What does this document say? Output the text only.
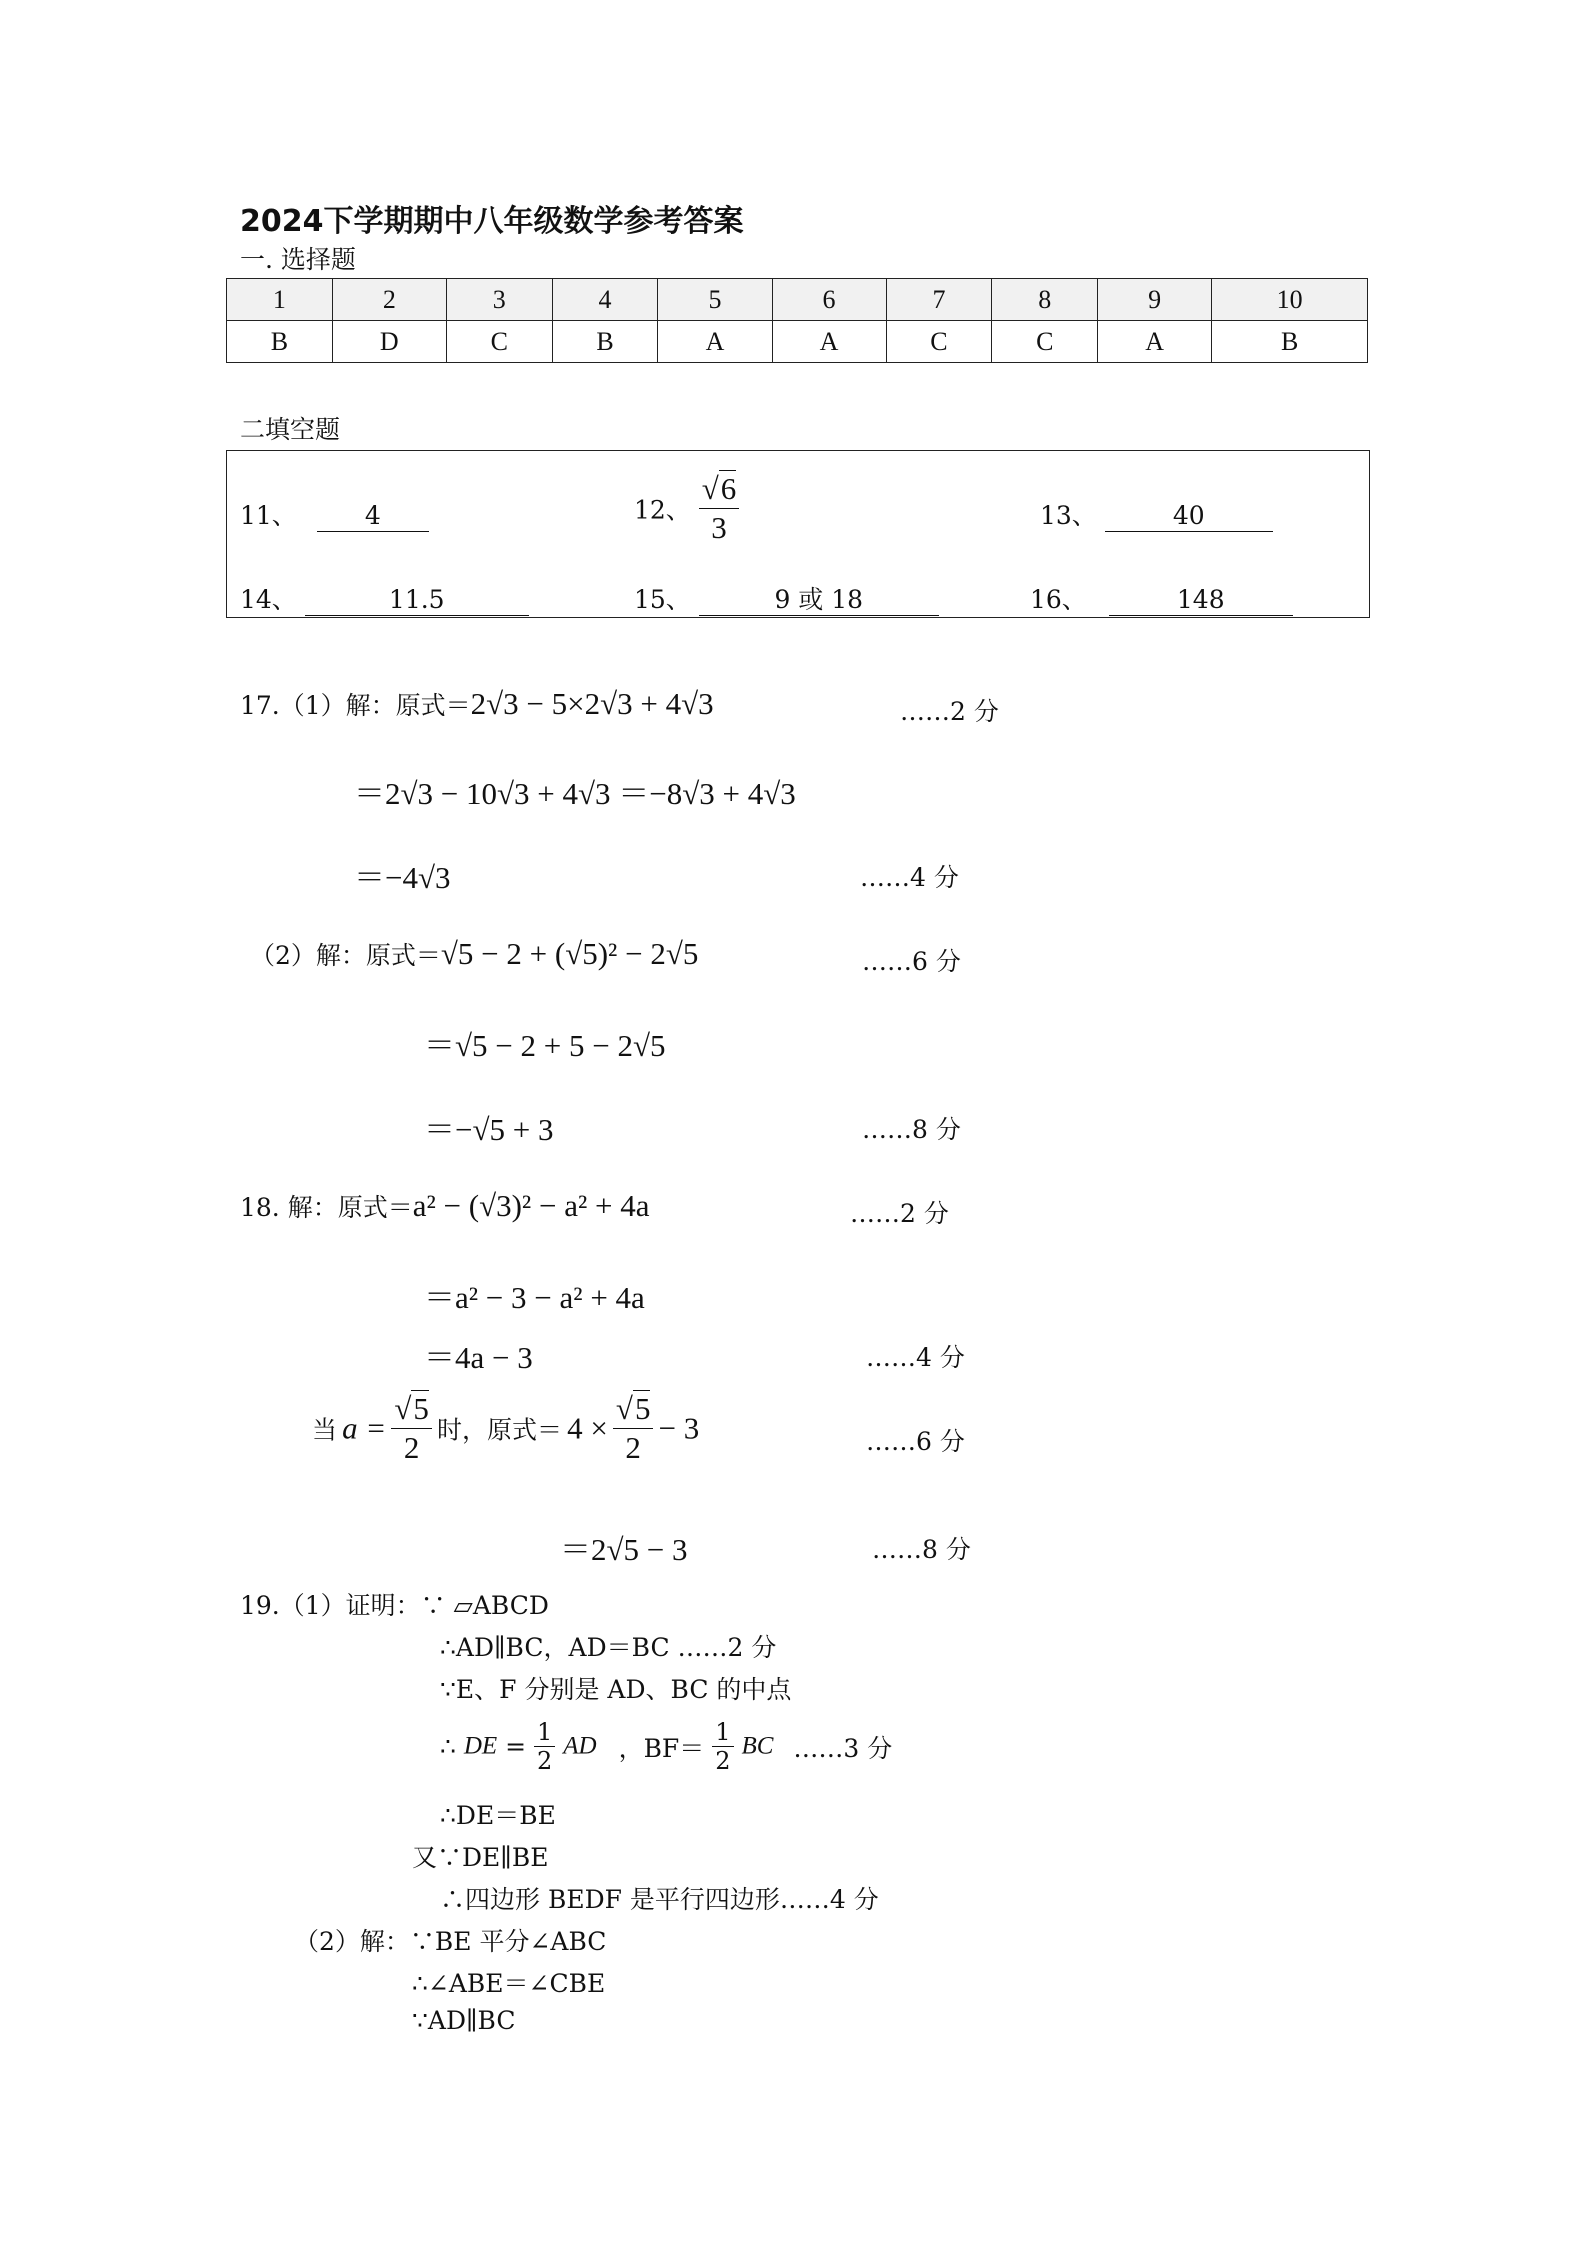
2024下学期期中八年级数学参考答案
一. 选择题
1	2	3	4	5	6	7	8	9	10
B	D	C	B	A	A	C	C	A	B
二填空题
11、	4	12、 $\frac{√6}{3}$	13、	40
14、	11.5	15、	9 或 18	16、	148
17.（1）解：原式＝2√3 − 5×2√3 + 4√3	……2 分
＝2√3 − 10√3 + 4√3 ＝−8√3 + 4√3
＝−4√3	……4 分
（2）解：原式＝√5 − 2 + (√5)² − 2√5	……6 分
＝√5 − 2 + 5 − 2√5
＝−√5 + 3	……8 分
18. 解：原式＝a² − (√3)² − a² + 4a	……2 分
＝a² − 3 − a² + 4a
＝4a − 3	……4 分
当 $a = \frac{√5}{2}$ 时，原式＝ $4 \times \frac{√5}{2} - 3$	……6 分
＝2√5 − 3	……8 分
19.（1）证明：∵ ▱ABCD
∴AD∥BC，AD＝BC ……2 分
∵E、F 分别是 AD、BC 的中点
∴ DE = $\frac{1}{2}$ AD ，$BF= \frac{1}{2}$ BC ……3 分
∴DE＝BE
又∵DE∥BE
∴四边形 BEDF 是平行四边形……4 分
（2）解：∵BE 平分∠ABC
∴∠ABE＝∠CBE
∵AD∥BC
